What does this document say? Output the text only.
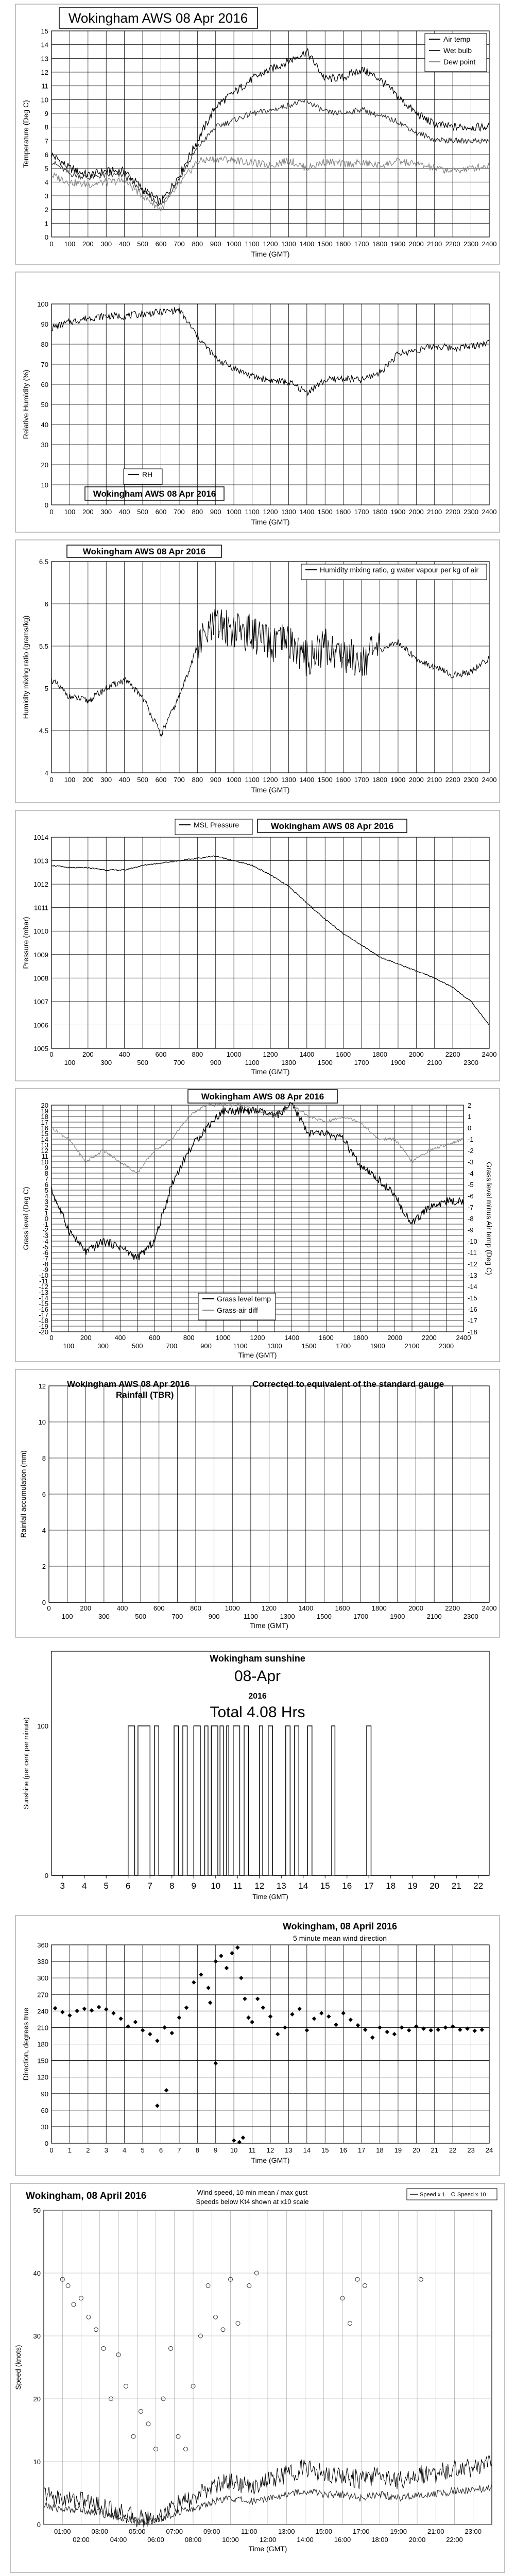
Wokingham AWS 08 Apr 2016
0
1
2
3
4
5
6
7
8
9
10
11
12
13
14
15
0 100 200 300 400 500 600 700 800 900 1000 1100 1200 1300 1400 1500 1600 1700 1800 1900 2000 2100 2200 2300 2400
Time (GMT)
Temperature (Deg C)
Air temp
Wet bulb
Dew point
Wokingham AWS 08 Apr 2016
0
10
20
30
40
50
60
70
80
90
100
0 100 200 300 400 500 600 700 800 900 1000 1100 1200 1300 1400 1500 1600 1700 1800 1900 2000 2100 2200 2300 2400
Time (GMT)
Relative Humidity (%)
RH
Wokingham AWS 08 Apr 2016
4
4.5
5
5.5
6
6.5
0 100 200 300 400 500 600 700 800 900 1000 1100 1200 1300 1400 1500 1600 1700 1800 1900 2000 2100 2200 2300 2400
Time (GMT)
Humidity mixing ratio (grams/kg)
Humidity mixing ratio, g water vapour per kg of air
Wokingham AWS 08 Apr 2016
1005
1006
1007
1008
1009
1010
1011
1012
1013
1014
0
100
200
300
400
500
600
700
800
900
1000
1100
1200
1300
1400
1500
1600
1700
1800
1900
2000
2100
2200
2300
2400
Time (GMT)
Pressure (mbar)
MSL Pressure
Wokingham AWS 08 Apr 2016
20
19
18
17
16
15
14
13
12
11
10
9
8
7
6
5
4
3
2
1
0
-1
-2
-3
-4
-5
-6
-7
-8
-9
-10
-11
-12
-13
-14
-15
-16
-17
-18
-19
-20
0
100
200
300
400
500
600
700
800
900
1000
1100
1200
1300
1400
1500
1600
1700
1800
1900
2000
2100
2200
2300
2400
Time (GMT)
Grass level (Deg C)
2
1
0
-1
-2
-3
-4
-5
-6
-7
-8
-9
-10
-11
-12
-13
-14
-15
-16
-17
-18
Grass level minus Air temp (Deg C)
Grass level temp
Grass-air diff
Wokingham AWS 08 Apr 2016	Corrected to equivalent of the standard gauge
Rainfall (TBR)
0
2
4
6
8
10
12
0
100
200
300
400
500
600
700
800
900
1000
1100
1200
1300
1400
1500
1600
1700
1800
1900
2000
2100
2200
2300
2400
Time (GMT)
Rainfall accumulation (mm)
Wokingham sunshine
08-Apr
2016
Total 4.08 Hrs
0
100
3 4 5 6 7 8 9 10 11 12 13 14 15 16 17 18 19 20 21 22
Time (GMT)
Sunshine (per cent per minute)
Wokingham, 08 April 2016
5 minute mean wind direction
0
30
60
90
120
150
180
210
240
270
300
330
360
0 1 2 3 4 5 6 7 8 9 10 11 12 13 14 15 16 17 18 19 20 21 22 23 24
Time (GMT)
Direction, degrees true
Wokingham, 08 April 2016	Wind speed, 10 min mean / max gust
Speeds below Kt4 shown at x10 scale
0
10
20
30
40
50
01:00
02:00
03:00
04:00
05:00
06:00
07:00
08:00
09:00
10:00
11:00
12:00
13:00
14:00
15:00
16:00
17:00
18:00
19:00
20:00
21:00
22:00
23:00
Time (GMT)
Speed (knots)
Speed x 1 Speed x 10
